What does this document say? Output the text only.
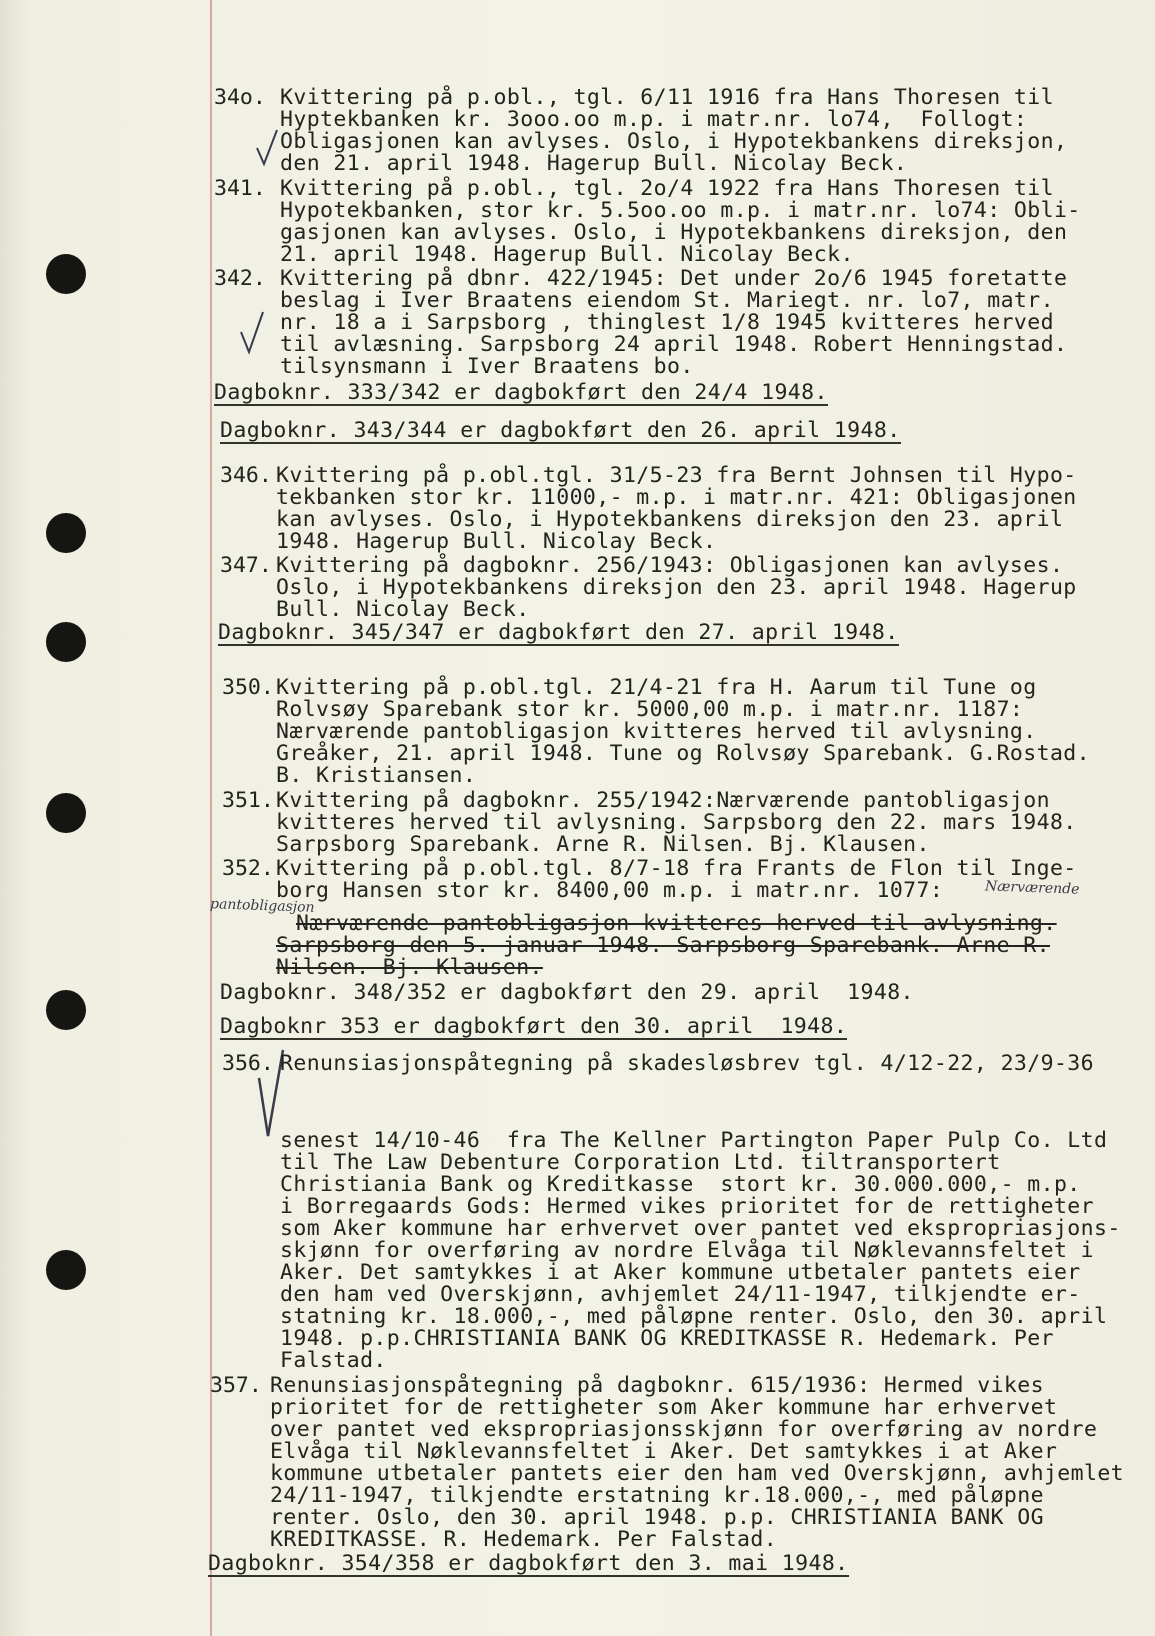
34o. Kvittering på p.obl., tgl. 6/11 1916 fra Hans Thoresen til
Hyptekbanken kr. 3ooo.oo m.p. i matr.nr. lo74,  Follogt:
Obligasjonen kan avlyses. Oslo, i Hypotekbankens direksjon,
den 21. april 1948. Hagerup Bull. Nicolay Beck.
341. Kvittering på p.obl., tgl. 2o/4 1922 fra Hans Thoresen til
Hypotekbanken, stor kr. 5.5oo.oo m.p. i matr.nr. lo74: Obli-
gasjonen kan avlyses. Oslo, i Hypotekbankens direksjon, den
21. april 1948. Hagerup Bull. Nicolay Beck.
342. Kvittering på dbnr. 422/1945: Det under 2o/6 1945 foretatte
beslag i Iver Braatens eiendom St. Mariegt. nr. lo7, matr.
nr. 18 a i Sarpsborg , thinglest 1/8 1945 kvitteres herved
til avlæsning. Sarpsborg 24 april 1948. Robert Henningstad.
tilsynsmann i Iver Braatens bo.
Dagboknr. 333/342 er dagbokført den 24/4 1948.
Dagboknr. 343/344 er dagbokført den 26. april 1948.
346. Kvittering på p.obl.tgl. 31/5-23 fra Bernt Johnsen til Hypo-
tekbanken stor kr. 11000,- m.p. i matr.nr. 421: Obligasjonen
kan avlyses. Oslo, i Hypotekbankens direksjon den 23. april
1948. Hagerup Bull. Nicolay Beck.
347. Kvittering på dagboknr. 256/1943: Obligasjonen kan avlyses.
Oslo, i Hypotekbankens direksjon den 23. april 1948. Hagerup
Bull. Nicolay Beck.
Dagboknr. 345/347 er dagbokført den 27. april 1948.
350. Kvittering på p.obl.tgl. 21/4-21 fra H. Aarum til Tune og
Rolvsøy Sparebank stor kr. 5000,00 m.p. i matr.nr. 1187:
Nærværende pantobligasjon kvitteres herved til avlysning.
Greåker, 21. april 1948. Tune og Rolvsøy Sparebank. G.Rostad.
B. Kristiansen.
351. Kvittering på dagboknr. 255/1942:Nærværende pantobligasjon
kvitteres herved til avlysning. Sarpsborg den 22. mars 1948.
Sarpsborg Sparebank. Arne R. Nilsen. Bj. Klausen.
352. Kvittering på p.obl.tgl. 8/7-18 fra Frants de Flon til Inge-
borg Hansen stor kr. 8400,00 m.p. i matr.nr. 1077:
pantobligasjon
Nærværende
Nærværende pantobligasjon kvitteres herved til avlysning.
Sarpsborg den 5. januar 1948. Sarpsborg Sparebank. Arne R.
Nilsen. Bj. Klausen.
Dagboknr. 348/352 er dagbokført den 29. april  1948.
Dagboknr 353 er dagbokført den 30. april  1948.
356. Renunsiasjonspåtegning på skadesløsbrev tgl. 4/12-22, 23/9-36
senest 14/10-46  fra The Kellner Partington Paper Pulp Co. Ltd
til The Law Debenture Corporation Ltd. tiltransportert
Christiania Bank og Kreditkasse  stort kr. 30.000.000,- m.p.
i Borregaards Gods: Hermed vikes prioritet for de rettigheter
som Aker kommune har erhvervet over pantet ved ekspropriasjons-
skjønn for overføring av nordre Elvåga til Nøklevannsfeltet i
Aker. Det samtykkes i at Aker kommune utbetaler pantets eier
den ham ved Overskjønn, avhjemlet 24/11-1947, tilkjendte er-
statning kr. 18.000,-, med påløpne renter. Oslo, den 30. april
1948. p.p.CHRISTIANIA BANK OG KREDITKASSE R. Hedemark. Per
Falstad.
357. Renunsiasjonspåtegning på dagboknr. 615/1936: Hermed vikes
prioritet for de rettigheter som Aker kommune har erhvervet
over pantet ved ekspropriasjonsskjønn for overføring av nordre
Elvåga til Nøklevannsfeltet i Aker. Det samtykkes i at Aker
kommune utbetaler pantets eier den ham ved Overskjønn, avhjemlet
24/11-1947, tilkjendte erstatning kr.18.000,-, med påløpne
renter. Oslo, den 30. april 1948. p.p. CHRISTIANIA BANK OG
KREDITKASSE. R. Hedemark. Per Falstad.
Dagboknr. 354/358 er dagbokført den 3. mai 1948.
